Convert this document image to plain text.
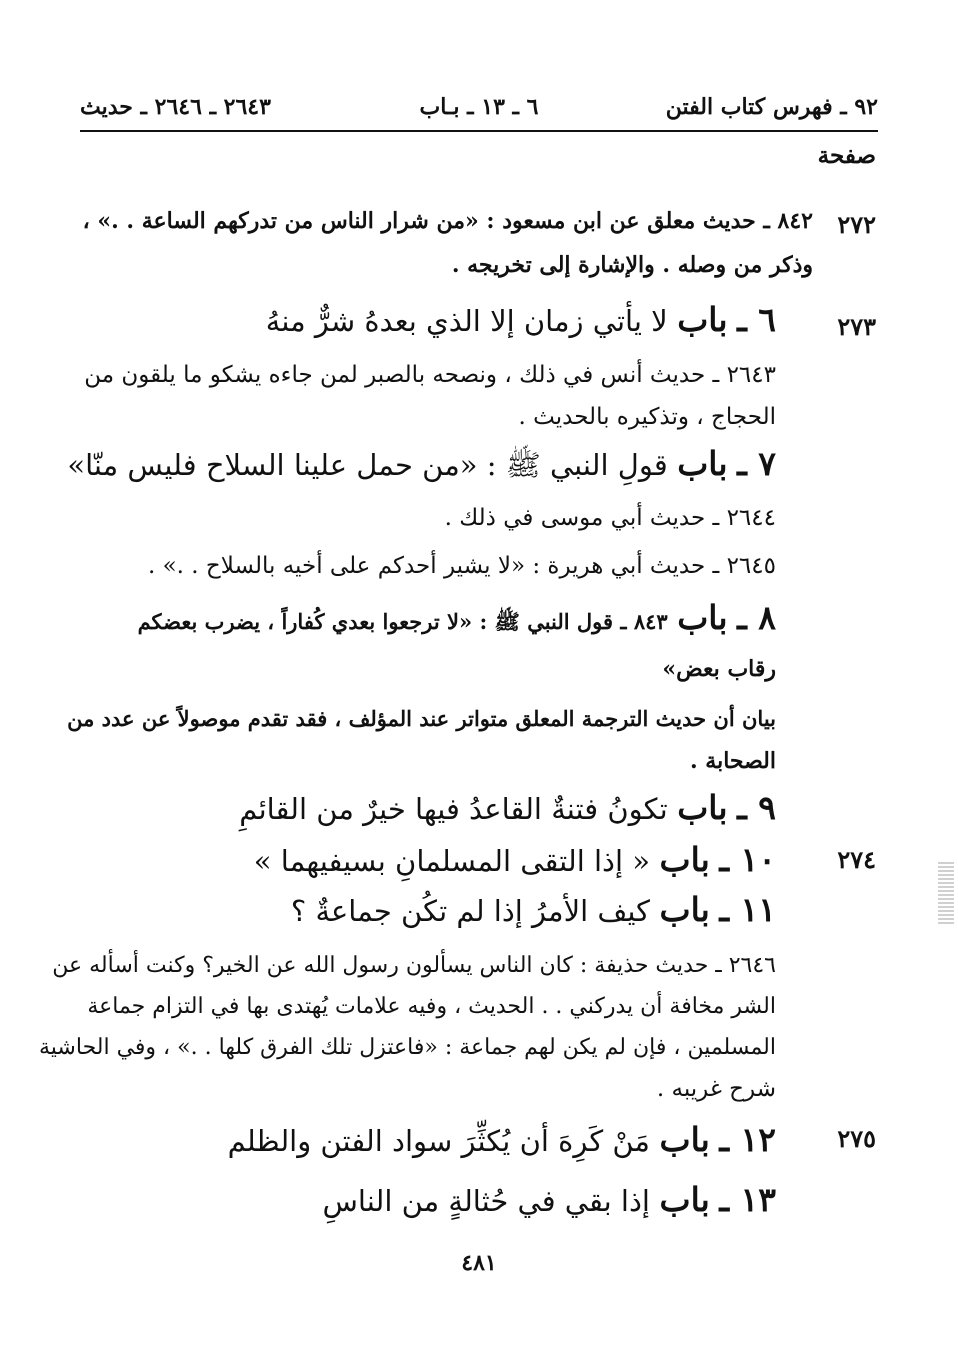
٩٢ ـ فهرس كتاب الفتن
٦ ـ ١٣ ـ بـاب
٢٦٤٣ ـ ٢٦٤٦ ـ حديث
صفحة
٢٧٢
٢٧٣
٢٧٤
٢٧٥
٨٤٢ ـ حديث معلق عن ابن مسعود : «من شرار الناس من تدركهم الساعة . .» ،
وذكر من وصله . والإشارة إلى تخريجه .
٦ ـ باب لا يأتي زمان إلا الذي بعدهُ شرٌّ منهُ
٢٦٤٣ ـ حديث أنس في ذلك ، ونصحه بالصبر لمن جاءه يشكو ما يلقون من
الحجاج ، وتذكيره بالحديث .
٧ ـ باب قولِ النبي ﷺ : «من حمل علينا السلاح فليس منّا»
٢٦٤٤ ـ حديث أبي موسى في ذلك .
٢٦٤٥ ـ حديث أبي هريرة : «لا يشير أحدكم على أخيه بالسلاح . .» .
٨ ـ باب ٨٤٣ ـ قول النبي ﷺ : «لا ترجعوا بعدي كُفاراً ، يضرب بعضكم
رقاب بعض»
بيان أن حديث الترجمة المعلق متواتر عند المؤلف ، فقد تقدم موصولاً عن عدد من
الصحابة .
٩ ـ باب تكونُ فتنةٌ القاعدُ فيها خيرٌ من القائمِ
١٠ ـ باب « إذا التقى المسلمانِ بسيفيهما »
١١ ـ باب كيف الأمرُ إذا لم تكُن جماعةٌ ؟
٢٦٤٦ ـ حديث حذيفة : كان الناس يسألون رسول الله عن الخير؟ وكنت أسأله عن
الشر مخافة أن يدركني . . الحديث ، وفيه علامات يُهتدى بها في التزام جماعة
المسلمين ، فإن لم يكن لهم جماعة : «فاعتزل تلك الفرق كلها . .» ، وفي الحاشية
شرح غريبه .
١٢ ـ باب مَنْ كَرِهَ أن يُكثِّرَ سواد الفتن والظلم
١٣ ـ باب إذا بقي في حُثالةٍ من الناسِ
٤٨١
